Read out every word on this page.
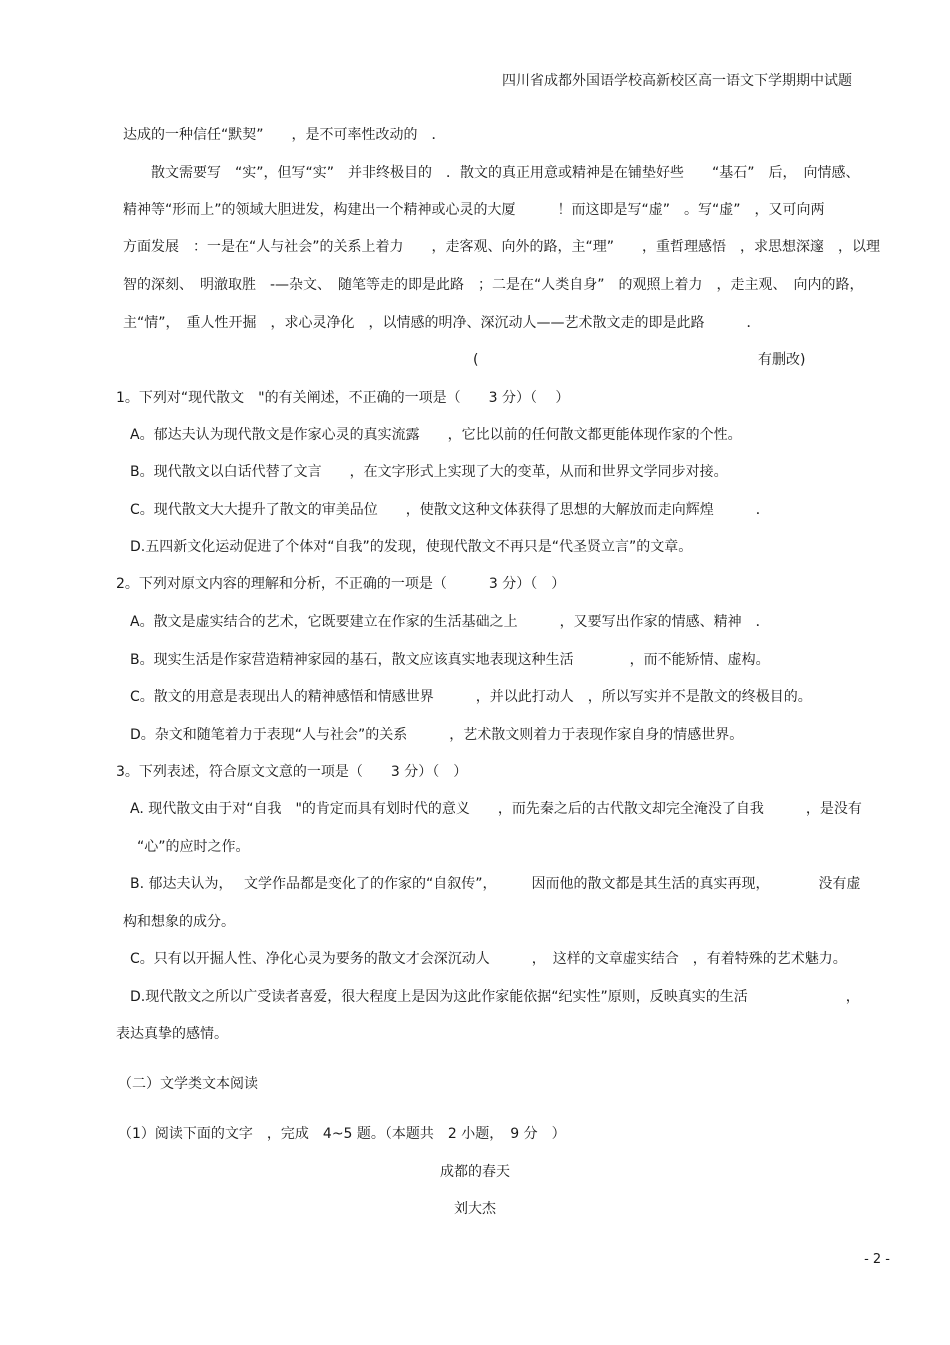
四川省成都外国语学校高新校区高一语文下学期期中试题
达成的一种信任“默契”　　，是不可率性改动的　．
　　散文需要写　“实”，但写“实”　并非终极目的　．散文的真正用意或精神是在铺垫好些　　“基石”　后，　向情感、
精神等“形而上”的领域大胆进发，构建出一个精神或心灵的大厦　　　！而这即是写“虚”　。写“虚”　，又可向两
方面发展　：一是在“人与社会”的关系上着力　　，走客观、向外的路，主“理”　　，重哲理感悟　，求思想深邃　，以理
智的深刻、　明澈取胜　-—杂文、　随笔等走的即是此路　；二是在“人类自身”　的观照上着力　，走主观、　向内的路，
主“情”，　重人性开掘　，求心灵净化　，以情感的明净、深沉动人——艺术散文走的即是此路　　　．
(	有删改)
1。下列对“现代散文　"的有关阐述，不正确的一项是（　　3 分）（　 ）
A。郁达夫认为现代散文是作家心灵的真实流露　　，它比以前的任何散文都更能体现作家的个性。
B。现代散文以白话代替了文言　　，在文字形式上实现了大的变革，从而和世界文学同步对接。
C。现代散文大大提升了散文的审美品位　　，使散文这种文体获得了思想的大解放而走向辉煌　　　．
D.五四新文化运动促进了个体对“自我”的发现，使现代散文不再只是“代圣贤立言”的文章。
2。下列对原文内容的理解和分析，不正确的一项是（　　　3 分）（　）
A。散文是虚实结合的艺术，它既要建立在作家的生活基础之上　　　，又要写出作家的情感、精神　．
B。现实生活是作家营造精神家园的基石，散文应该真实地表现这种生活　　　　，而不能矫情、虚构。
C。散文的用意是表现出人的精神感悟和情感世界　　　，并以此打动人　，所以写实并不是散文的终极目的。
D。杂文和随笔着力于表现“人与社会”的关系　　　，艺术散文则着力于表现作家自身的情感世界。
3。下列表述，符合原文文意的一项是（　　3 分）（　）
A. 现代散文由于对“自我　"的肯定而具有划时代的意义　　，而先秦之后的古代散文却完全淹没了自我　　　，是没有
　“心”的应时之作。
B. 郁达夫认为，　 文学作品都是变化了的作家的“自叙传”，　　　因而他的散文都是其生活的真实再现，　　　　没有虚
构和想象的成分。
C。只有以开掘人性、净化心灵为要务的散文才会深沉动人　　　，　这样的文章虚实结合　，有着特殊的艺术魅力。
D.现代散文之所以广受读者喜爱，很大程度上是因为这此作家能依据“纪实性”原则，反映真实的生活　　　　　　　，
表达真挚的感情。
（二）文学类文本阅读
（1）阅读下面的文字　，完成　4~5 题。（本题共　2 小题，　9 分　）
成都的春天
刘大杰
- 2 -
